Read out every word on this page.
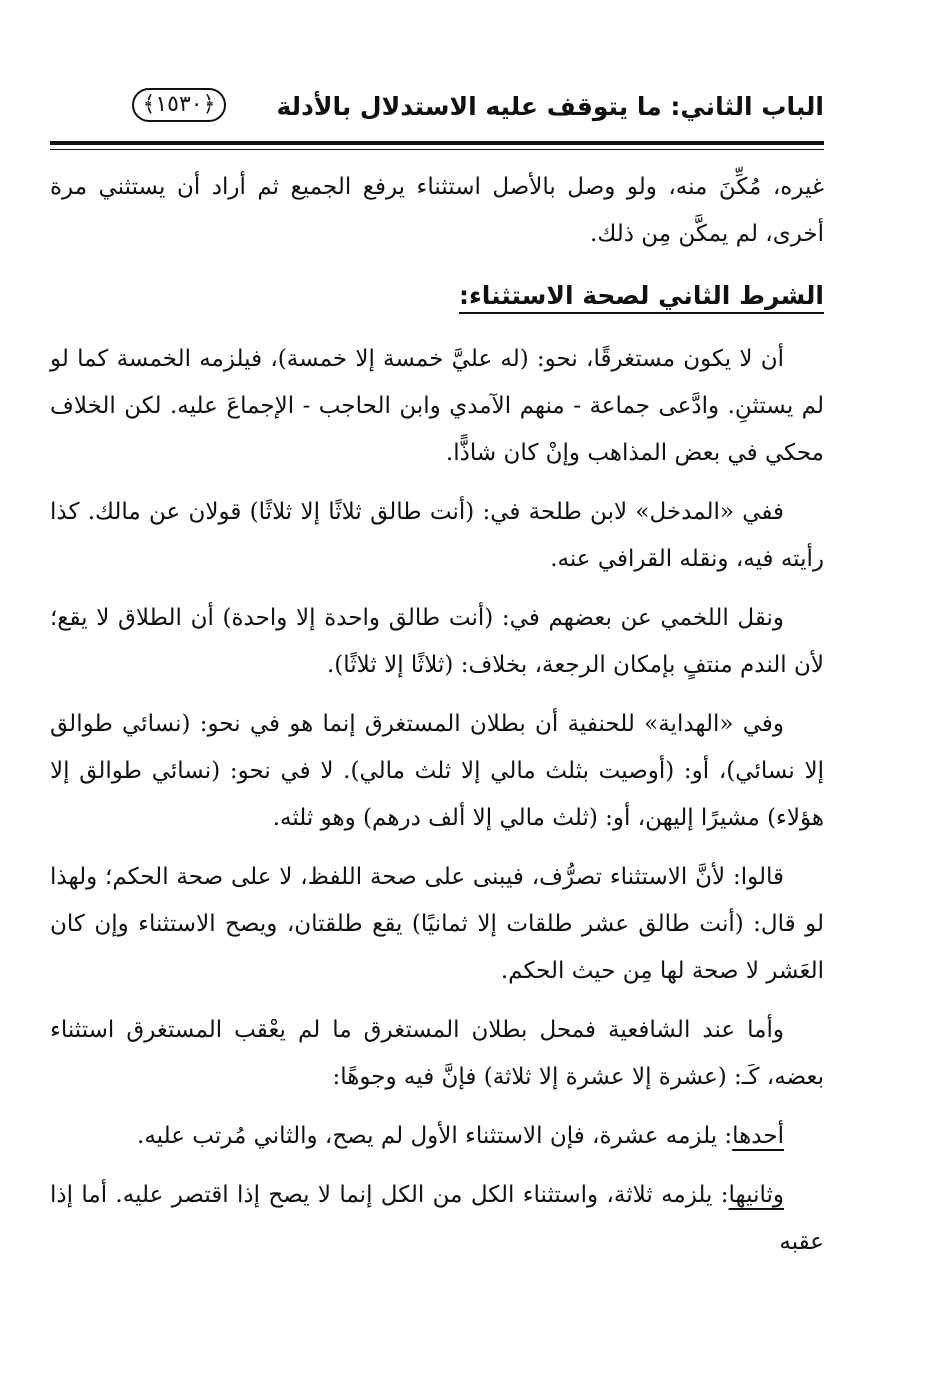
الباب الثاني: ما يتوقف عليه الاستدلال بالأدلة
﴿١٥٣٠﴾

غيره، مُكِّنَ منه، ولو وصل بالأصل استثناء يرفع الجميع ثم أراد أن يستثني مرة أخرى، لم يمكَّن مِن ذلك.

الشرط الثاني لصحة الاستثناء:

أن لا يكون مستغرقًا، نحو: (له عليَّ خمسة إلا خمسة)، فيلزمه الخمسة كما لو لم يستثنِ. وادَّعى جماعة - منهم الآمدي وابن الحاجب - الإجماعَ عليه. لكن الخلاف محكي في بعض المذاهب وإنْ كان شاذًّا.

ففي «المدخل» لابن طلحة في: (أنت طالق ثلاثًا إلا ثلاثًا) قولان عن مالك. كذا رأيته فيه، ونقله القرافي عنه.

ونقل اللخمي عن بعضهم في: (أنت طالق واحدة إلا واحدة) أن الطلاق لا يقع؛ لأن الندم منتفٍ بإمكان الرجعة، بخلاف: (ثلاثًا إلا ثلاثًا).

وفي «الهداية» للحنفية أن بطلان المستغرق إنما هو في نحو: (نسائي طوالق إلا نسائي)، أو: (أوصيت بثلث مالي إلا ثلث مالي). لا في نحو: (نسائي طوالق إلا هؤلاء) مشيرًا إليهن، أو: (ثلث مالي إلا ألف درهم) وهو ثلثه.

قالوا: لأنَّ الاستثناء تصرُّف، فيبنى على صحة اللفظ، لا على صحة الحكم؛ ولهذا لو قال: (أنت طالق عشر طلقات إلا ثمانيًا) يقع طلقتان، ويصح الاستثناء وإن كان العَشر لا صحة لها مِن حيث الحكم.

وأما عند الشافعية فمحل بطلان المستغرق ما لم يعْقب المستغرق استثناء بعضه، كَـ: (عشرة إلا عشرة إلا ثلاثة) فإنَّ فيه وجوهًا:

أحدها: يلزمه عشرة، فإن الاستثناء الأول لم يصح، والثاني مُرتب عليه.

وثانيها: يلزمه ثلاثة، واستثناء الكل من الكل إنما لا يصح إذا اقتصر عليه. أما إذا عقبه
